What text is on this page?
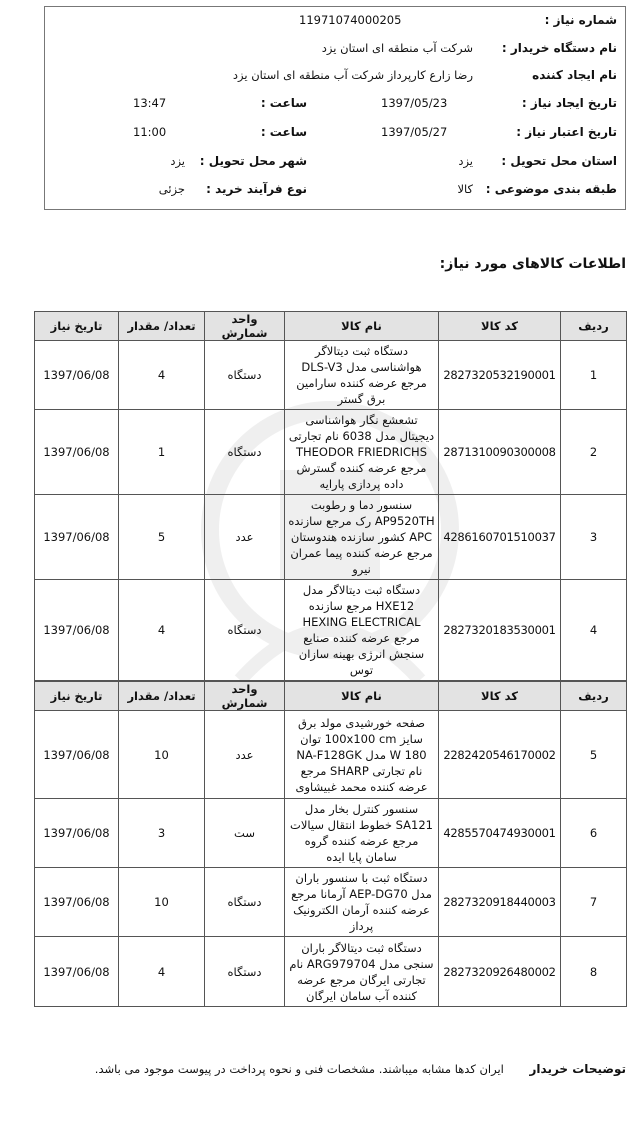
شماره نیاز :
11971074000205
نام دستگاه خریدار :
شرکت آب منطقه ای استان یزد
نام ایجاد کننده
رضا زارع کارپرداز شرکت آب منطقه ای استان یزد
تاریخ ایجاد نیاز :
1397/05/23
ساعت :
13:47
تاریخ اعتبار نیاز :
1397/05/27
ساعت :
11:00
استان محل تحویل :
یزد
شهر محل تحویل :
یزد
طبقه بندی موضوعی :
کالا
نوع فرآیند خرید :
جزئی
اطلاعات کالاهای مورد نیاز:
ردیف	کد کالا	نام کالا	واحد شمارش	تعداد/ مقدار	تاریخ نیاز
1	2827320532190001	دستگاه ثبت دیتالاگر هواشناسی مدل DLS-V3 مرجع عرضه کننده سارامین برق گستر	دستگاه	4	1397/06/08
2	2871310090300008	تشعشع نگار هواشناسی دیجیتال مدل 6038 نام تجارتی THEODOR FRIEDRICHS مرجع عرضه کننده گسترش داده پردازی پارایه	دستگاه	1	1397/06/08
3	4286160701510037	سنسور دما و رطوبت AP9520TH رک مرجع سازنده APC کشور سازنده هندوستان مرجع عرضه کننده پیما عمران نیرو	عدد	5	1397/06/08
4	2827320183530001	دستگاه ثبت دیتالاگر مدل HXE12 مرجع سازنده HEXING ELECTRICAL مرجع عرضه کننده صنایع سنجش انرژی بهینه سازان توس	دستگاه	4	1397/06/08
ردیف	کد کالا	نام کالا	واحد شمارش	تعداد/ مقدار	تاریخ نیاز
5	2282420546170002	صفحه خورشیدی مولد برق سایز 100x100 cm توان 180 W مدل NA-F128GK نام تجارتی SHARP مرجع عرضه کننده محمد غبیشاوی	عدد	10	1397/06/08
6	4285570474930001	سنسور کنترل بخار مدل SA121 خطوط انتقال سیالات مرجع عرضه کننده گروه سامان پایا ایده	ست	3	1397/06/08
7	2827320918440003	دستگاه ثبت با سنسور باران مدل AEP-DG70 آرمانا مرجع عرضه کننده آرمان الکترونیک پرداز	دستگاه	10	1397/06/08
8	2827320926480002	دستگاه ثبت دیتالاگر باران سنجی مدل ARG979704 نام تجارتی ایرگان مرجع عرضه کننده آب سامان ایرگان	دستگاه	4	1397/06/08
توضیحات خریدار ایران کدها مشابه میباشند. مشخصات فنی و نحوه پرداخت در پیوست موجود می باشد.
